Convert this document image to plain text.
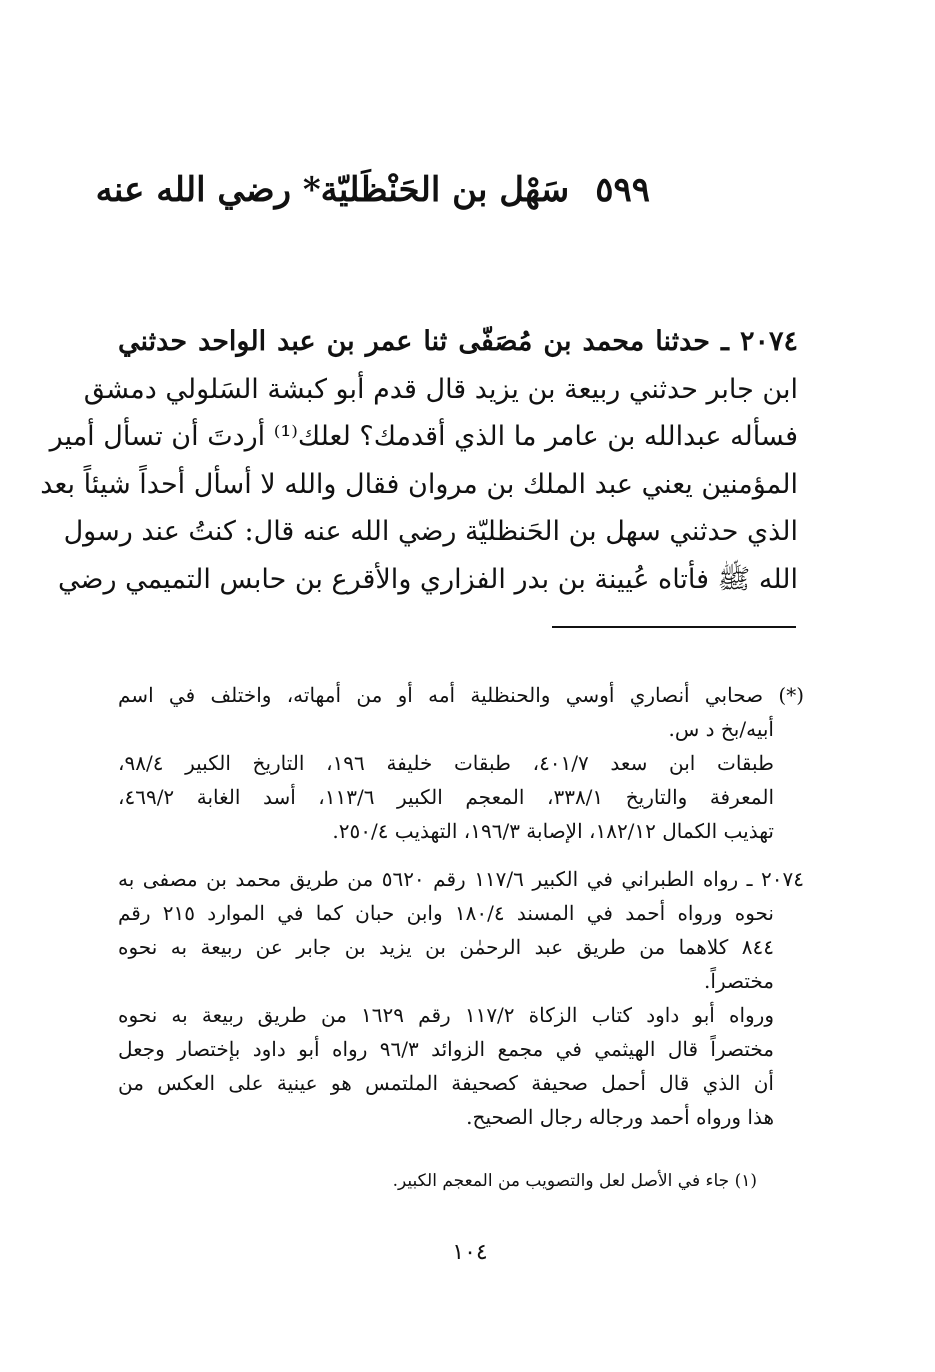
٥٩٩سَهْل بن الحَنْظَليّة* رضي الله عنه
٢٠٧٤ ـ حدثنا محمد بن مُصَفّى ثنا عمر بن عبد الواحد حدثني
ابن جابر حدثني ربيعة بن يزيد قال قدم أبو كبشة السَلولي دمشق
فسأله عبدالله بن عامر ما الذي أقدمك؟ لعلك⁽¹⁾ أردتَ أن تسأل أمير
المؤمنين يعني عبد الملك بن مروان فقال والله لا أسأل أحداً شيئاً بعد
الذي حدثني سهل بن الحَنظليّة رضي الله عنه قال: كنتُ عند رسول
الله ﷺ فأتاه عُيينة بن بدر الفزاري والأقرع بن حابس التميمي رضي
(*) صحابي أنصاري أوسي والحنظلية أمه أو من أمهاته، واختلف في اسم
أبيه/بخ د س.
طبقات ابن سعد ٤٠١/٧، طبقات خليفة ١٩٦، التاريخ الكبير ٩٨/٤،
المعرفة والتاريخ ٣٣٨/١، المعجم الكبير ١١٣/٦، أسد الغابة ٤٦٩/٢،
تهذيب الكمال ١٨٢/١٢، الإصابة ١٩٦/٣، التهذيب ٢٥٠/٤.
٢٠٧٤ ـ رواه الطبراني في الكبير ١١٧/٦ رقم ٥٦٢٠ من طريق محمد بن مصفى به
نحوه ورواه أحمد في المسند ١٨٠/٤ وابن حبان كما في الموارد ٢١٥ رقم
٨٤٤ كلاهما من طريق عبد الرحمٰن بن يزيد بن جابر عن ربيعة به نحوه
مختصراً.
ورواه أبو داود كتاب الزكاة ١١٧/٢ رقم ١٦٢٩ من طريق ربيعة به نحوه
مختصراً قال الهيثمي في مجمع الزوائد ٩٦/٣ رواه أبو داود بإختصار وجعل
أن الذي قال أحمل صحيفة كصحيفة الملتمس هو عينية على العكس من
هذا ورواه أحمد ورجاله رجال الصحيح.
(١) جاء في الأصل لعل والتصويب من المعجم الكبير.
١٠٤
